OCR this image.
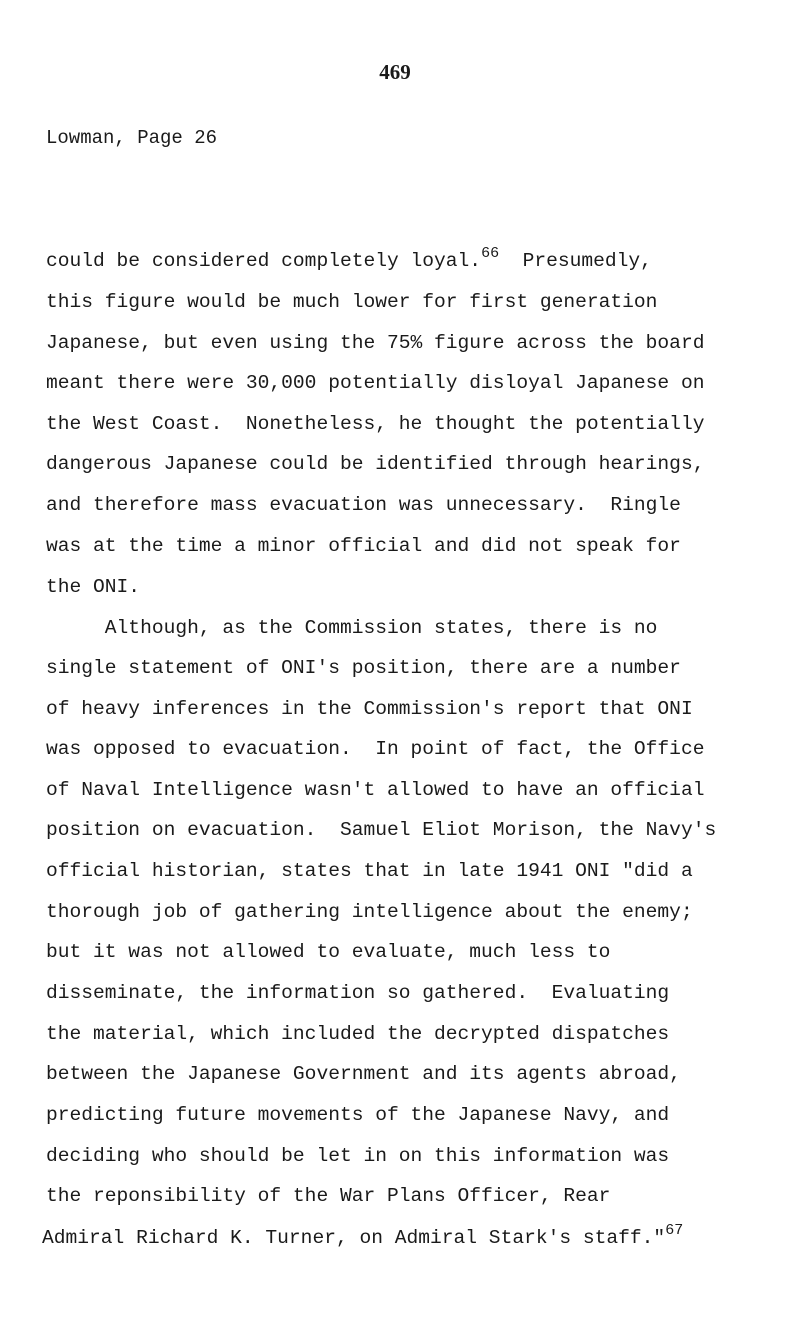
469
Lowman, Page 26
could be considered completely loyal.$^{66}$  Presumedly,
this figure would be much lower for first generation
Japanese, but even using the 75% figure across the board
meant there were 30,000 potentially disloyal Japanese on
the West Coast.  Nonetheless, he thought the potentially
dangerous Japanese could be identified through hearings,
and therefore mass evacuation was unnecessary.  Ringle
was at the time a minor official and did not speak for
the ONI.
Although, as the Commission states, there is no
single statement of ONI's position, there are a number
of heavy inferences in the Commission's report that ONI
was opposed to evacuation.  In point of fact, the Office
of Naval Intelligence wasn't allowed to have an official
position on evacuation.  Samuel Eliot Morison, the Navy's
official historian, states that in late 1941 ONI "did a
thorough job of gathering intelligence about the enemy;
but it was not allowed to evaluate, much less to
disseminate, the information so gathered.  Evaluating
the material, which included the decrypted dispatches
between the Japanese Government and its agents abroad,
predicting future movements of the Japanese Navy, and
deciding who should be let in on this information was
the reponsibility of the War Plans Officer, Rear
Admiral Richard K. Turner, on Admiral Stark's staff."$^{67}$
